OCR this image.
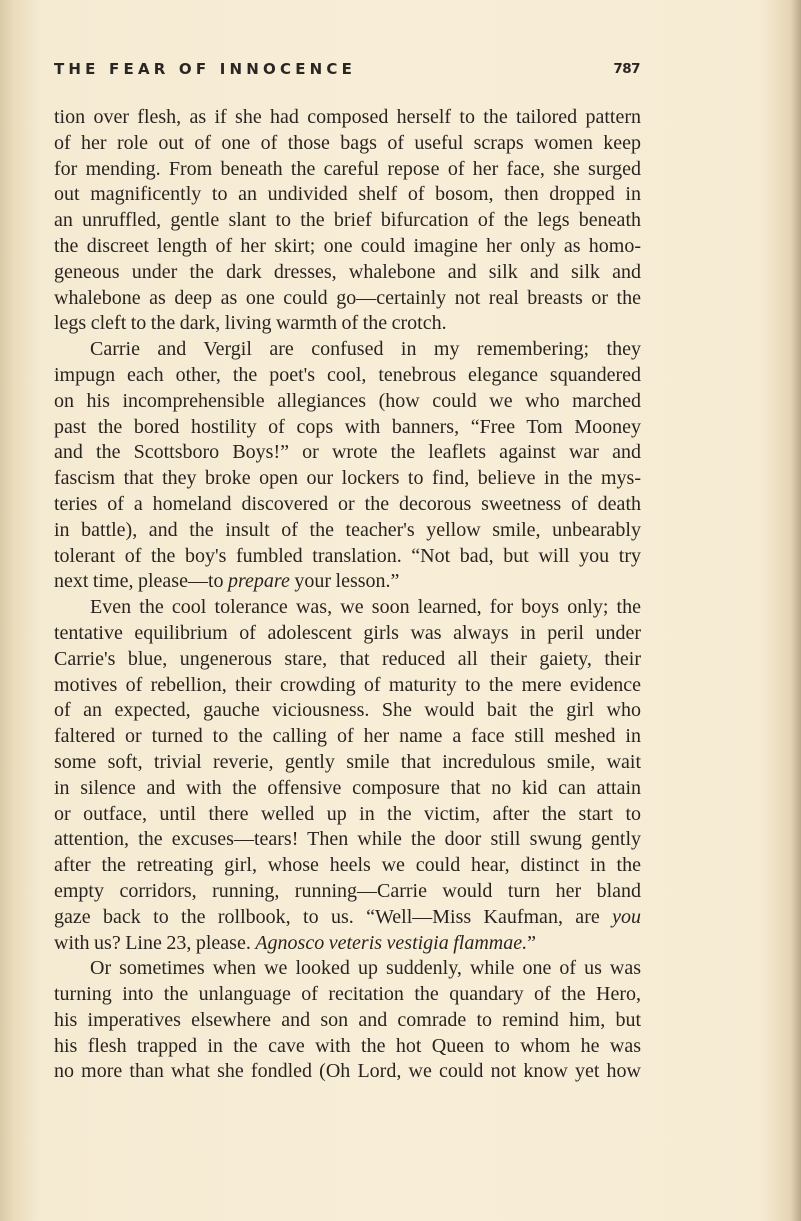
THE FEAR OF INNOCENCE	787
tion over flesh, as if she had composed herself to the tailored pattern
of her role out of one of those bags of useful scraps women keep
for mending. From beneath the careful repose of her face, she surged
out magnificently to an undivided shelf of bosom, then dropped in
an unruffled, gentle slant to the brief bifurcation of the legs beneath
the discreet length of her skirt; one could imagine her only as homo-
geneous under the dark dresses, whalebone and silk and silk and
whalebone as deep as one could go—certainly not real breasts or the
legs cleft to the dark, living warmth of the crotch.
Carrie and Vergil are confused in my remembering; they
impugn each other, the poet's cool, tenebrous elegance squandered
on his incomprehensible allegiances (how could we who marched
past the bored hostility of cops with banners, “Free Tom Mooney
and the Scottsboro Boys!” or wrote the leaflets against war and
fascism that they broke open our lockers to find, believe in the mys-
teries of a homeland discovered or the decorous sweetness of death
in battle), and the insult of the teacher's yellow smile, unbearably
tolerant of the boy's fumbled translation. “Not bad, but will you try
next time, please—to prepare your lesson.”
Even the cool tolerance was, we soon learned, for boys only; the
tentative equilibrium of adolescent girls was always in peril under
Carrie's blue, ungenerous stare, that reduced all their gaiety, their
motives of rebellion, their crowding of maturity to the mere evidence
of an expected, gauche viciousness. She would bait the girl who
faltered or turned to the calling of her name a face still meshed in
some soft, trivial reverie, gently smile that incredulous smile, wait
in silence and with the offensive composure that no kid can attain
or outface, until there welled up in the victim, after the start to
attention, the excuses—tears! Then while the door still swung gently
after the retreating girl, whose heels we could hear, distinct in the
empty corridors, running, running—Carrie would turn her bland
gaze back to the rollbook, to us. “Well—Miss Kaufman, are you
with us? Line 23, please. Agnosco veteris vestigia flammae.”
Or sometimes when we looked up suddenly, while one of us was
turning into the unlanguage of recitation the quandary of the Hero,
his imperatives elsewhere and son and comrade to remind him, but
his flesh trapped in the cave with the hot Queen to whom he was
no more than what she fondled (Oh Lord, we could not know yet how
